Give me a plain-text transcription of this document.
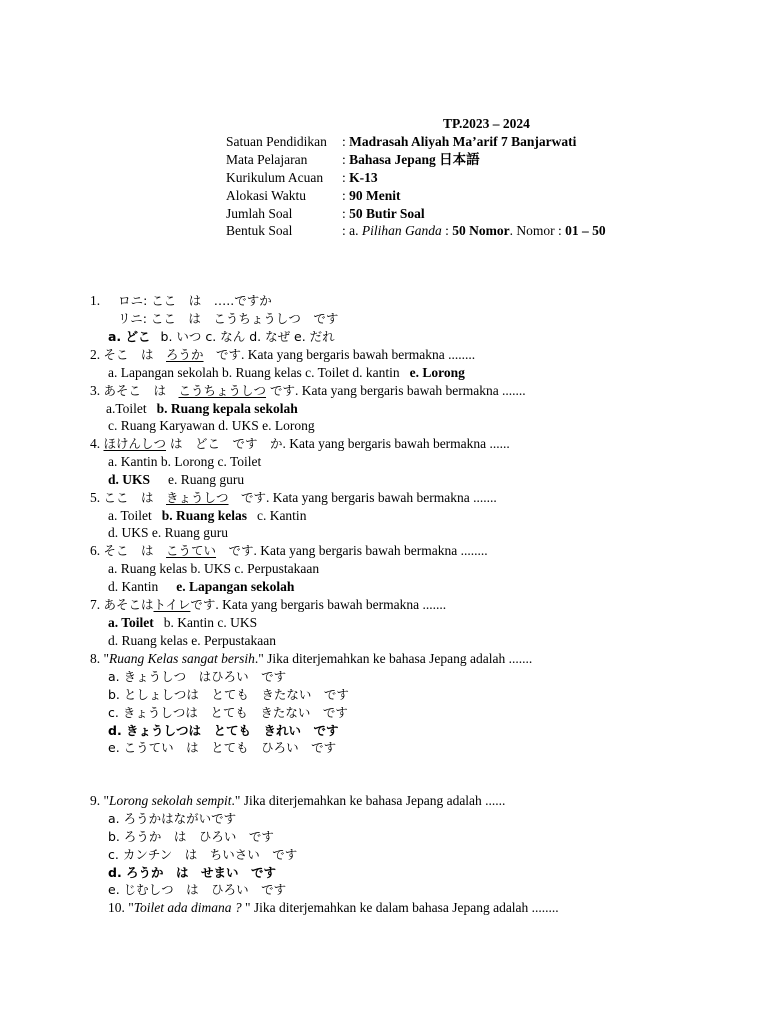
TP.2023 – 2024
Satuan Pendidikan : Madrasah Aliyah Ma’arif 7 Banjarwati
Mata Pelajaran	: Bahasa Jepang 日本語
Kurikulum Acuan : K-13
Alokasi Waktu	: 90 Menit
Jumlah Soal	: 50 Butir Soal
Bentuk Soal	: a. Pilihan Ganda : 50 Nomor. Nomor : 01 – 50
1. ロニ: ここ　は　…..ですか
リニ: ここ　は　こうちょうしつ　です
a. どこ b. いつ c. なん d. なぜ e. だれ
2. そこ　は　ろうか　です. Kata yang bergaris bawah bermakna ........
a. Lapangan sekolah b. Ruang kelas c. Toilet d. kantin e. Lorong
3. あそこ　は　こうちょうしつ です. Kata yang bergaris bawah bermakna .......
a.Toilet b. Ruang kepala sekolah
c. Ruang Karyawan d. UKS e. Lorong
4. ほけんしつ は　どこ　です　か. Kata yang bergaris bawah bermakna ......
a. Kantin b. Lorong c. Toilet
d. UKS e. Ruang guru
5. ここ　は　きょうしつ　です. Kata yang bergaris bawah bermakna .......
a. Toilet b. Ruang kelas c. Kantin
d. UKS e. Ruang guru
6. そこ　は　こうてい　です. Kata yang bergaris bawah bermakna ........
a. Ruang kelas b. UKS c. Perpustakaan
d. Kantin e. Lapangan sekolah
7. あそこはトイレです. Kata yang bergaris bawah bermakna .......
a. Toilet b. Kantin c. UKS
d. Ruang kelas e. Perpustakaan
8. "Ruang Kelas sangat bersih." Jika diterjemahkan ke bahasa Jepang adalah .......
a. きょうしつ　はひろい　です
b. としょしつは　とても　きたない　です
c. きょうしつは　とても　きたない　です
d. きょうしつは　とても　きれい　です
e. こうてい　は　とても　ひろい　です
9. "Lorong sekolah sempit." Jika diterjemahkan ke bahasa Jepang adalah ......
a. ろうかはながいです
b. ろうか　は　ひろい　です
c. カンチン　は　ちいさい　です
d. ろうか　は　せまい　です
e. じむしつ　は　ひろい　です
10. "Toilet ada dimana ? " Jika diterjemahkan ke dalam bahasa Jepang adalah ........
